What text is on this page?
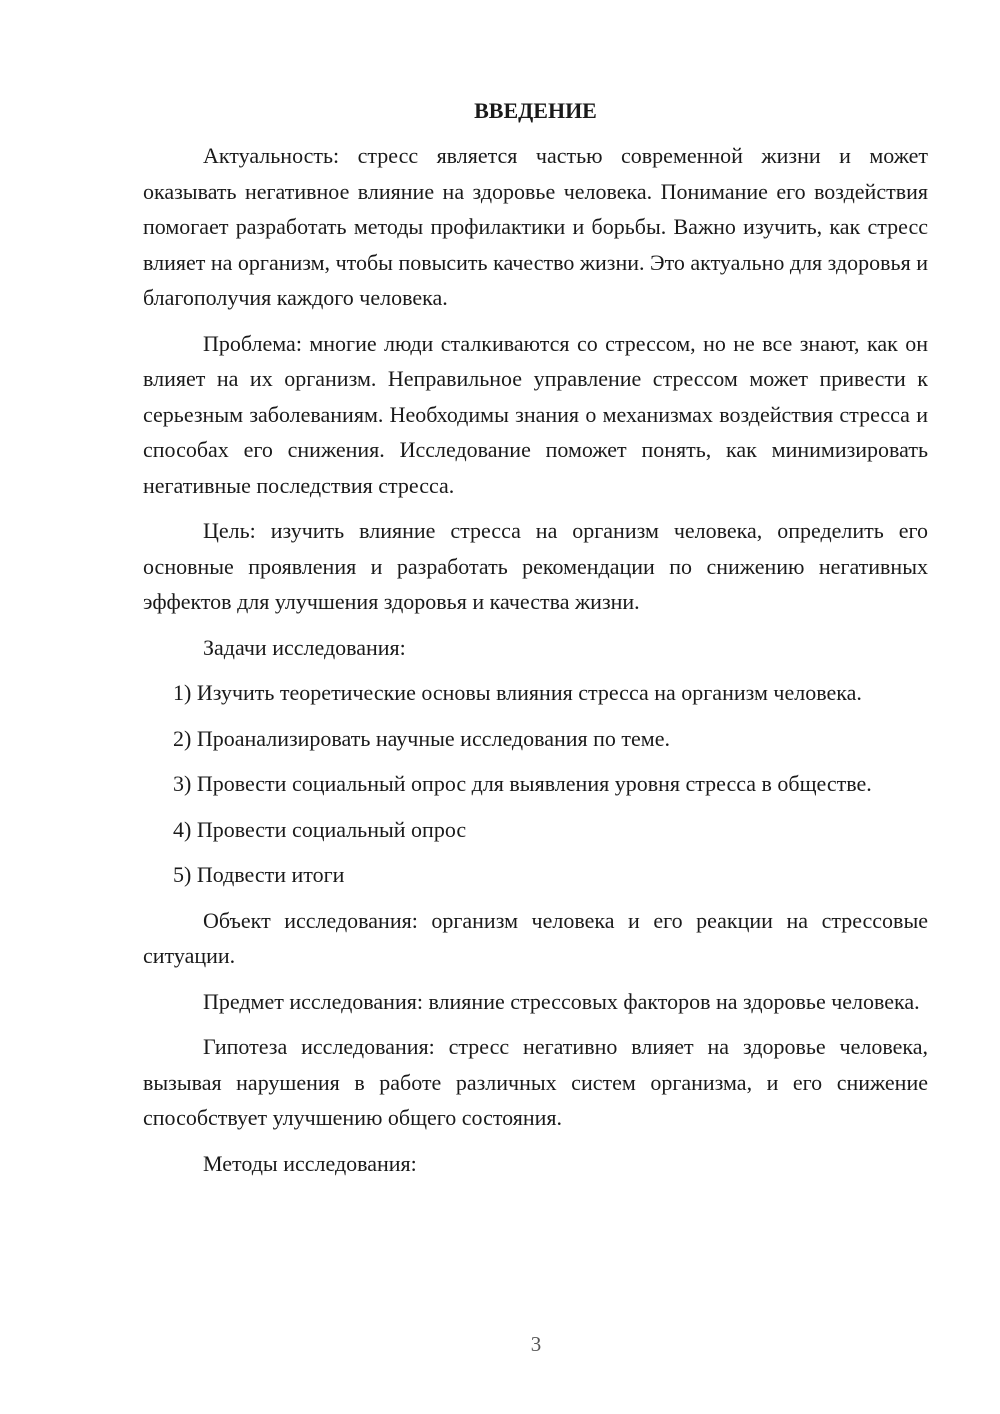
ВВЕДЕНИЕ

Актуальность: стресс является частью современной жизни и может оказывать негативное влияние на здоровье человека. Понимание его воздействия помогает разработать методы профилактики и борьбы. Важно изучить, как стресс влияет на организм, чтобы повысить качество жизни. Это актуально для здоровья и благополучия каждого человека.

Проблема: многие люди сталкиваются со стрессом, но не все знают, как он влияет на их организм. Неправильное управление стрессом может привести к серьезным заболеваниям. Необходимы знания о механизмах воздействия стресса и способах его снижения. Исследование поможет понять, как минимизировать негативные последствия стресса.

Цель: изучить влияние стресса на организм человека, определить его основные проявления и разработать рекомендации по снижению негативных эффектов для улучшения здоровья и качества жизни.

Задачи исследования:

1) Изучить теоретические основы влияния стресса на организм человека.

2) Проанализировать научные исследования по теме.

3) Провести социальный опрос для выявления уровня стресса в обществе.

4) Провести социальный опрос

5) Подвести итоги

Объект исследования: организм человека и его реакции на стрессовые ситуации.

Предмет исследования: влияние стрессовых факторов на здоровье человека.

Гипотеза исследования: стресс негативно влияет на здоровье человека, вызывая нарушения в работе различных систем организма, и его снижение способствует улучшению общего состояния.

Методы исследования:

3
